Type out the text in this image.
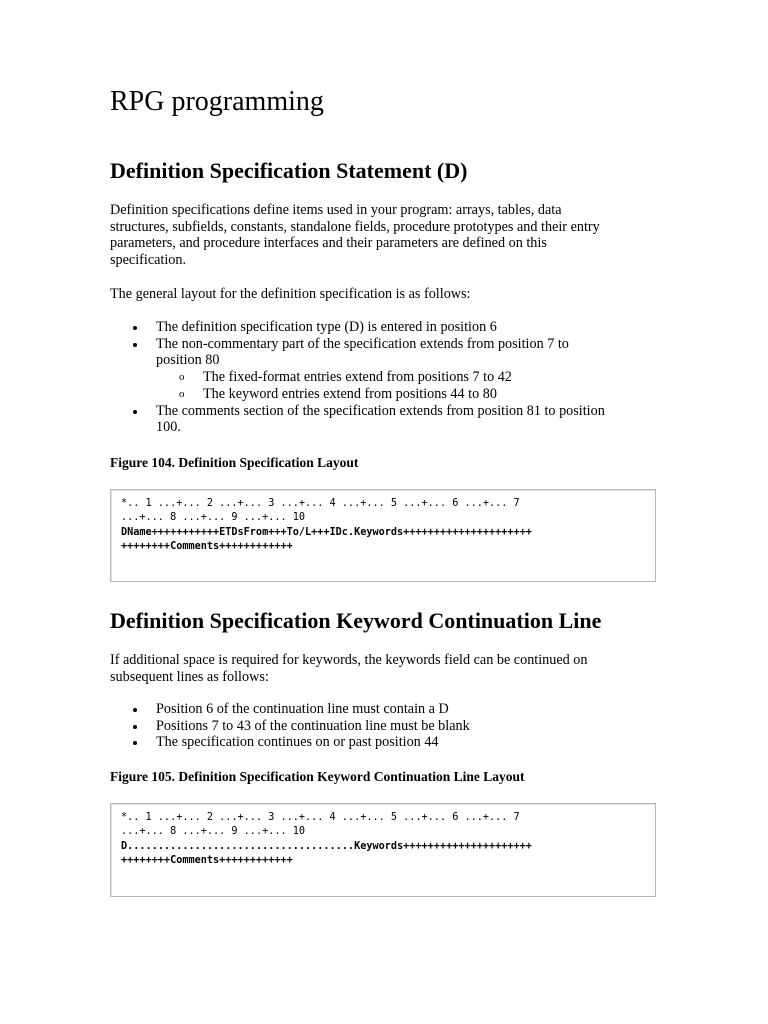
RPG programming
Definition Specification Statement (D)

Definition specifications define items used in your program: arrays, tables, data
structures, subfields, constants, standalone fields, procedure prototypes and their entry
parameters, and procedure interfaces and their parameters are defined on this
specification.

The general layout for the definition specification is as follows:

The definition specification type (D) is entered in position 6
The non-commentary part of the specification extends from position 7 to
position 80
o The fixed-format entries extend from positions 7 to 42
o The keyword entries extend from positions 44 to 80
The comments section of the specification extends from position 81 to position
100.
Figure 104. Definition Specification Layout
*.. 1 ...+... 2 ...+... 3 ...+... 4 ...+... 5 ...+... 6 ...+... 7
...+... 8 ...+... 9 ...+... 10
DName+++++++++++ETDsFrom+++To/L+++IDc.Keywords+++++++++++++++++++++
++++++++Comments++++++++++++
Definition Specification Keyword Continuation Line

If additional space is required for keywords, the keywords field can be continued on
subsequent lines as follows:

Position 6 of the continuation line must contain a D
Positions 7 to 43 of the continuation line must be blank
The specification continues on or past position 44
Figure 105. Definition Specification Keyword Continuation Line Layout
*.. 1 ...+... 2 ...+... 3 ...+... 4 ...+... 5 ...+... 6 ...+... 7
...+... 8 ...+... 9 ...+... 10
D.....................................Keywords+++++++++++++++++++++
++++++++Comments++++++++++++
